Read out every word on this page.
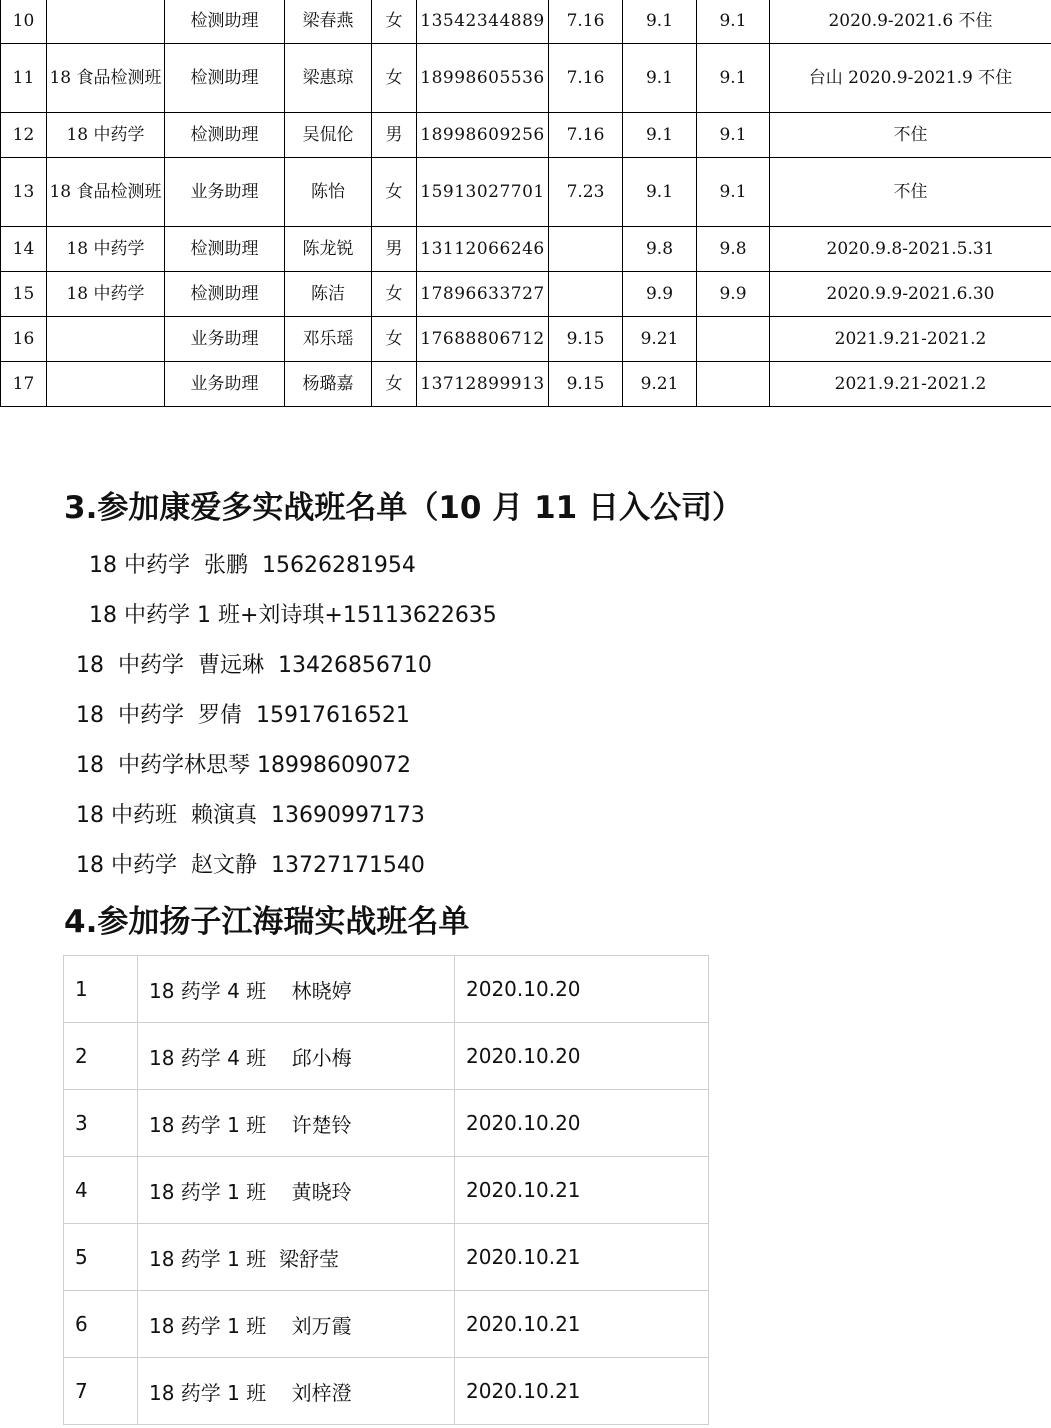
10		检测助理	梁春燕	女	13542344889	7.16	9.1	9.1	2020.9-2021.6 不住
11	18 食品检测班	检测助理	梁惠琼	女	18998605536	7.16	9.1	9.1	台山 2020.9-2021.9 不住
12	18 中药学	检测助理	吴侃伦	男	18998609256	7.16	9.1	9.1	不住
13	18 食品检测班	业务助理	陈怡	女	15913027701	7.23	9.1	9.1	不住
14	18 中药学	检测助理	陈龙锐	男	13112066246		9.8	9.8	2020.9.8-2021.5.31
15	18 中药学	检测助理	陈洁	女	17896633727		9.9	9.9	2020.9.9-2021.6.30
16		业务助理	邓乐瑶	女	17688806712	9.15	9.21		2021.9.21-2021.2
17		业务助理	杨璐嘉	女	13712899913	9.15	9.21		2021.9.21-2021.2
3.参加康爱多实战班名单（10 月 11 日入公司）
18 中药学  张鹏  15626281954
18 中药学 1 班+刘诗琪+15113622635
18  中药学  曹远琳  13426856710
18  中药学  罗倩  15917616521
18  中药学林思琴 18998609072
18 中药班  赖演真  13690997173
18 中药学  赵文静  13727171540
4.参加扬子江海瑞实战班名单
1	18 药学 4 班    林晓婷	2020.10.20
2	18 药学 4 班    邱小梅	2020.10.20
3	18 药学 1 班    许楚铃	2020.10.20
4	18 药学 1 班    黄晓玲	2020.10.21
5	18 药学 1 班  梁舒莹	2020.10.21
6	18 药学 1 班    刘万霞	2020.10.21
7	18 药学 1 班    刘梓澄	2020.10.21
